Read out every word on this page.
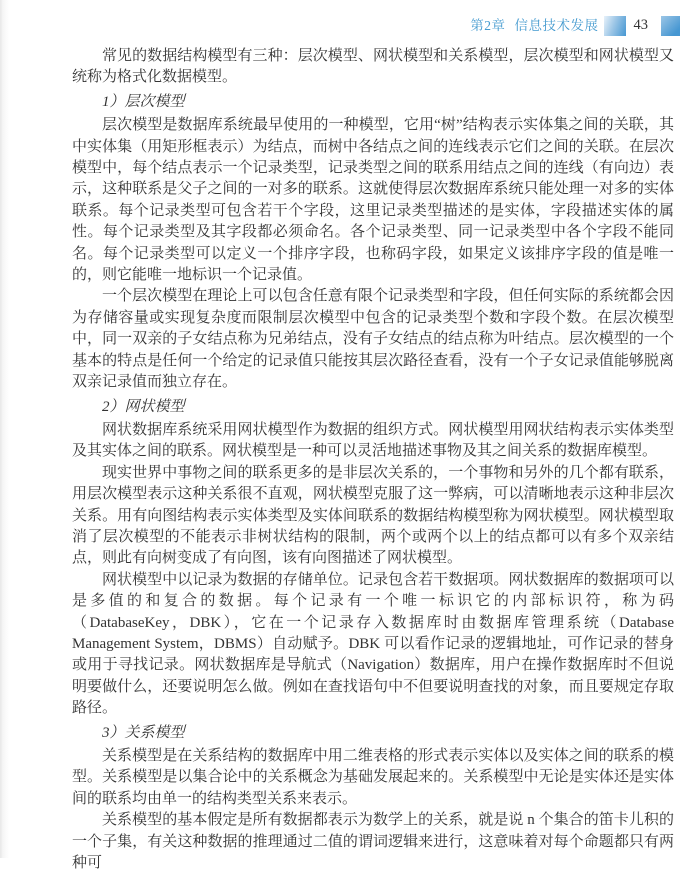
第2章 信息技术发展 43

常见的数据结构模型有三种：层次模型、网状模型和关系模型，层次模型和网状模型又统称为格式化数据模型。

1）层次模型

层次模型是数据库系统最早使用的一种模型，它用“树”结构表示实体集之间的关联，其中实体集（用矩形框表示）为结点，而树中各结点之间的连线表示它们之间的关联。在层次模型中，每个结点表示一个记录类型，记录类型之间的联系用结点之间的连线（有向边）表示，这种联系是父子之间的一对多的联系。这就使得层次数据库系统只能处理一对多的实体联系。每个记录类型可包含若干个字段，这里记录类型描述的是实体，字段描述实体的属性。每个记录类型及其字段都必须命名。各个记录类型、同一记录类型中各个字段不能同名。每个记录类型可以定义一个排序字段，也称码字段，如果定义该排序字段的值是唯一的，则它能唯一地标识一个记录值。

一个层次模型在理论上可以包含任意有限个记录类型和字段，但任何实际的系统都会因为存储容量或实现复杂度而限制层次模型中包含的记录类型个数和字段个数。在层次模型中，同一双亲的子女结点称为兄弟结点，没有子女结点的结点称为叶结点。层次模型的一个基本的特点是任何一个给定的记录值只能按其层次路径查看，没有一个子女记录值能够脱离双亲记录值而独立存在。

2）网状模型

网状数据库系统采用网状模型作为数据的组织方式。网状模型用网状结构表示实体类型及其实体之间的联系。网状模型是一种可以灵活地描述事物及其之间关系的数据库模型。

现实世界中事物之间的联系更多的是非层次关系的，一个事物和另外的几个都有联系，用层次模型表示这种关系很不直观，网状模型克服了这一弊病，可以清晰地表示这种非层次关系。用有向图结构表示实体类型及实体间联系的数据结构模型称为网状模型。网状模型取消了层次模型的不能表示非树状结构的限制，两个或两个以上的结点都可以有多个双亲结点，则此有向树变成了有向图，该有向图描述了网状模型。

网状模型中以记录为数据的存储单位。记录包含若干数据项。网状数据库的数据项可以是多值的和复合的数据。每个记录有一个唯一标识它的内部标识符，称为码（DatabaseKey，DBK），它在一个记录存入数据库时由数据库管理系统（Database Management System，DBMS）自动赋予。DBK 可以看作记录的逻辑地址，可作记录的替身或用于寻找记录。网状数据库是导航式（Navigation）数据库，用户在操作数据库时不但说明要做什么，还要说明怎么做。例如在查找语句中不但要说明查找的对象，而且要规定存取路径。

3）关系模型

关系模型是在关系结构的数据库中用二维表格的形式表示实体以及实体之间的联系的模型。关系模型是以集合论中的关系概念为基础发展起来的。关系模型中无论是实体还是实体间的联系均由单一的结构类型关系来表示。

关系模型的基本假定是所有数据都表示为数学上的关系，就是说 n 个集合的笛卡儿积的一个子集，有关这种数据的推理通过二值的谓词逻辑来进行，这意味着对每个命题都只有两种可
